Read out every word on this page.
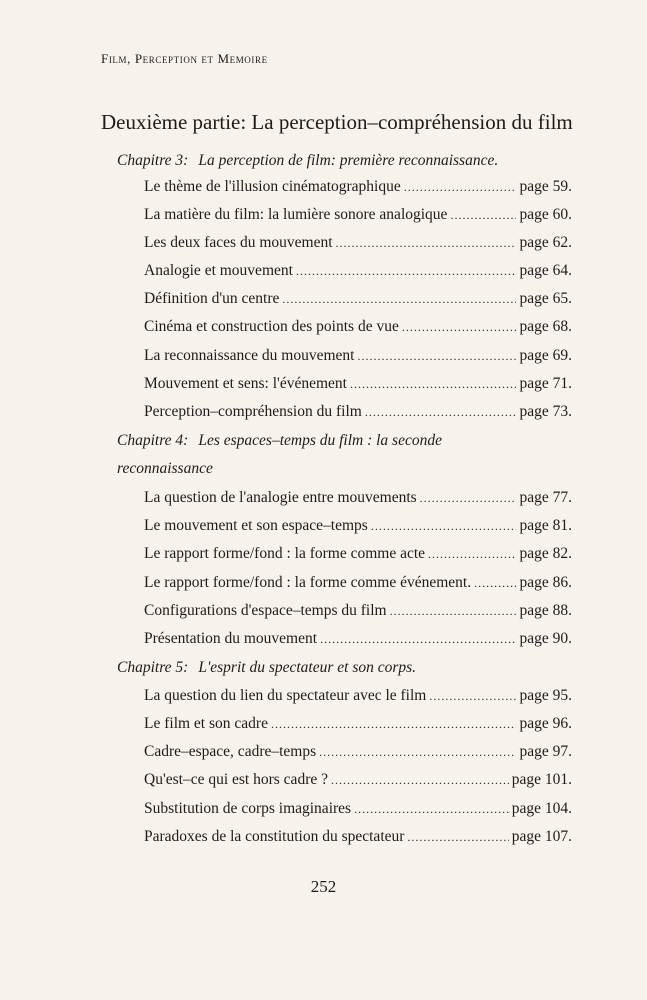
Film, Perception et Memoire
Deuxième partie: La perception–compréhension du film
Chapitre 3: La perception de film: première reconnaissance.
Le thème de l'illusion cinématographique .....	page 59.
La matière du film: la lumière sonore analogique .....	page 60.
Les deux faces du mouvement .....	page 62.
Analogie et mouvement .....	page 64.
Définition d'un centre .....	page 65.
Cinéma et construction des points de vue .....	page 68.
La reconnaissance du mouvement .....	page 69.
Mouvement et sens: l'événement .....	page 71.
Perception–compréhension du film .....	page 73.
Chapitre 4: Les espaces–temps du film : la seconde
reconnaissance
La question de l'analogie entre mouvements .....	page 77.
Le mouvement et son espace–temps .....	page 81.
Le rapport forme/fond : la forme comme acte .....	page 82.
Le rapport forme/fond : la forme comme événement. .....	page 86.
Configurations d'espace–temps du film .....	page 88.
Présentation du mouvement .....	page 90.
Chapitre 5: L'esprit du spectateur et son corps.
La question du lien du spectateur avec le film .....	page 95.
Le film et son cadre .....	page 96.
Cadre–espace, cadre–temps .....	page 97.
Qu'est–ce qui est hors cadre ? .....	page 101.
Substitution de corps imaginaires .....	page 104.
Paradoxes de la constitution du spectateur .....	page 107.
252
